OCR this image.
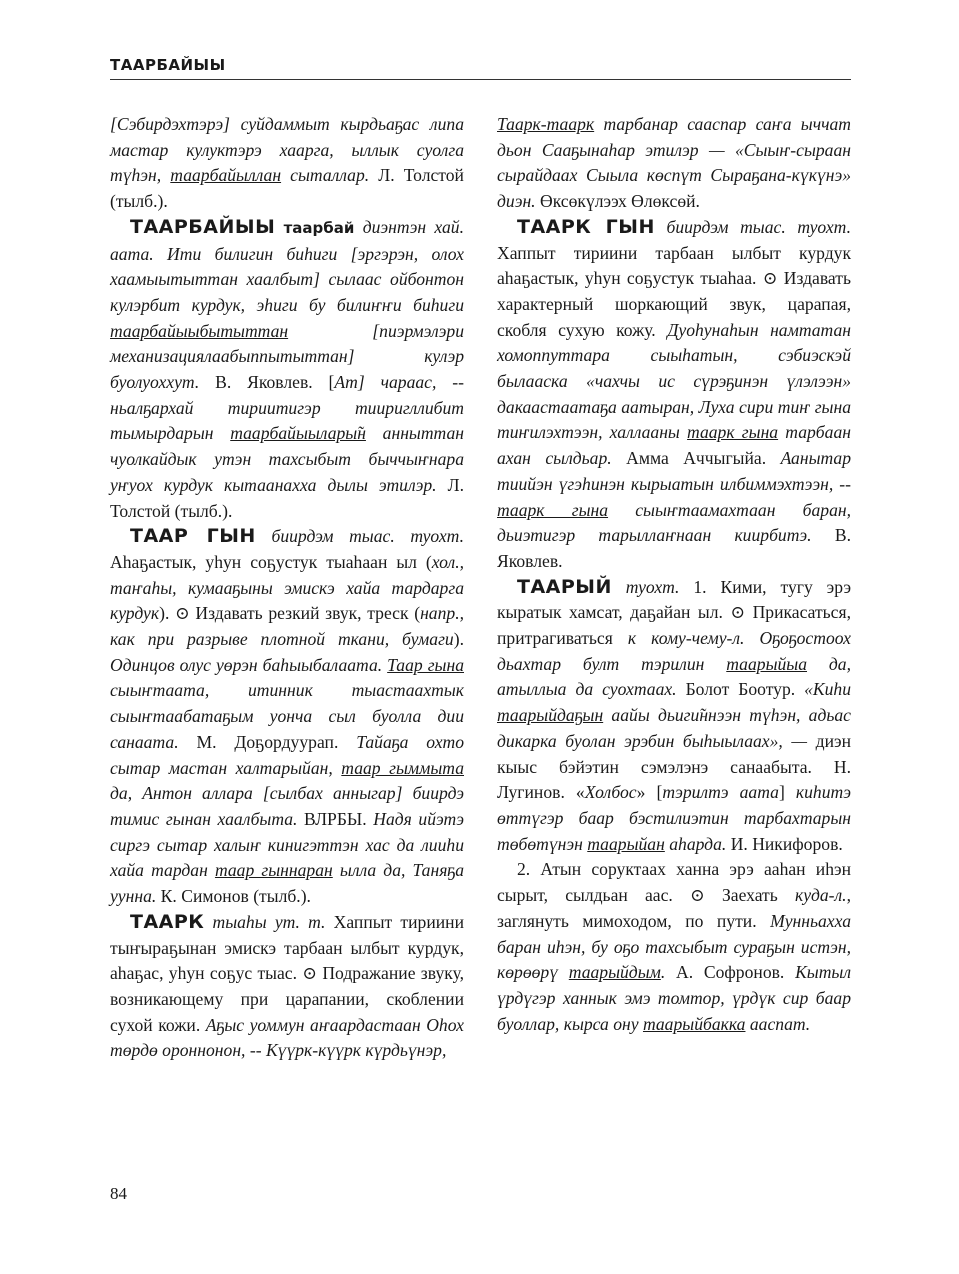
ТААРБАЙЫЫ

[Сэбирдэхтэрэ] суйдаммыт кырдьаҕас липа мастар кулуктэрэ хаарга, ыллык суолга түһэн, таарбайыллан сыталлар. Л. Толстой (тылб.).

ТААРБАЙЫЫ таарбай диэнтэн хай. аата. Ити билигин биһиги [эргэрэн, олох хаамыытыттан хаалбыт] сылаас ойбонтон кулэрбит курдук, эһиги бу билиҥҥи биһиги таарбайыыбытыттан [пиэрмэлэри механизациялаабыппытыттан] кулэр буолуоххут. В. Яковлев. [Ат] чараас, -- ньалҕархай тириитигэр тииригллибит тымырдарын таарбайыылары̃н анныттан чуолкайдык утэн тахсыбыт быччыҥнара уҥуох курдук кытаанахха дылы этилэр. Л. Толстой (тылб.).

ТААР ГЫН биирдэм тыас. туохт. Аһаҕастык, уһун соҕустук тыаһаан ыл (хол., таҥаһы, кумааҕыны эмискэ хайа тардарга курдук). ⊙ Издавать резкий звук, треск (напр., как при разрыве плотной ткани, бумаги). Одинцов олус уөрэн баһыыбалаата. Таар гына сыыҥтаата, итинник тыастаахтык сыыҥтаабатаҕым уонча сыл буолла дии санаата. М. Доҕордуурап. Тайаҕа охто сытар мастан халтарыйан, таар гыммыта да, Антон аллара [сылбах анныгар] биирдэ тимис гынан хаалбыта. ВЛРБЫ. Надя ийэтэ сиргэ сытар халыҥ кинигэттэн хас да лииһи хайа тардан таар гыннаран ылла да, Таняҕа уунна. К. Симонов (тылб.).

ТААРК тыаһы ут. т. Хаппыт тириини тыҥыраҕынан эмискэ тарбаан ылбыт курдук, аһаҕас, уһун соҕус тыас. ⊙ Подражание звуку, возникающему при царапании, скоблении сухой кожи. Аҕыс уоммун аҥаардастаан Оһох төрдө ороннонон, -- Күүрк-күүрк күрдьүнэр,

Таарк-таарк тарбанар сааспар саҥа ыччат дьон Сааҕынаһар этилэр — «Сыыҥ-сыраан сырайдаах Сыыла көспүт Сыраҕана-күкүнэ» диэн. Өксөкүлээх Өлөксөй.

ТААРК ГЫН биирдэм тыас. туохт. Хаппыт тириини тарбаан ылбыт курдук аһаҕастык, уһун соҕустук тыаһаа. ⊙ Издавать характерный шоркающий звук, царапая, скобля сухую кожу. Дуоһунаһын намтатан хомоппуттара сыыһатын, сэбиэскэй былааска «чахчы ис сүрэҕинэн үлэлээн» дакаастаатаҕа аатыран, Луха сири тиҥ гына тиҥилэхтээн, халлааны таарк гына тарбаан ахан сылдьар. Амма Аччыгыйа. Аанытар тиийэн үгэһинэн кырыатын илбиммэхтээн, -- таарк гына сыыҥтаамахтаан баран, дьиэтигэр тарыллаҥнаан киирбитэ. В. Яковлев.

ТААРЫЙ туохт. 1. Кими, тугу эрэ кыратык хамсат, даҕайан ыл. ⊙ Прикасаться, притрагиваться к кому-чему-л. Оҕоҕостоох дьахтар булт тэрилин таарыйыа да, атыллыа да суохтаах. Болот Боотур. «Киһи таарыйдаҕын аайы дьиги̃ннээн түһэн, адьас дикарка буолан эрэбин быһыылаах», — диэн кыыс бэйэтин сэмэлэнэ санаабыта. Н. Лугинов. «Холбос» [тэрилтэ аата] киһитэ өттүгэр баар бэстилиэтин тарбахтарын төбөтүнэн таарыйан аһарда. И. Никифоров.

2. Атын соруктаах ханна эрэ ааһан иһэн сырыт, сылдьан аас. ⊙ Заехать куда-л., заглянуть мимоходом, по пути. Мунньахха баран иһэн, бу оҕо тахсыбыт сураҕын истэн, көрөөрү таарыйдым. А. Софронов. Кытыл үрдүгэр ханнык эмэ томтор, үрдүк сир баар буоллар, кырса ону таарыйбакка ааспат.

84
